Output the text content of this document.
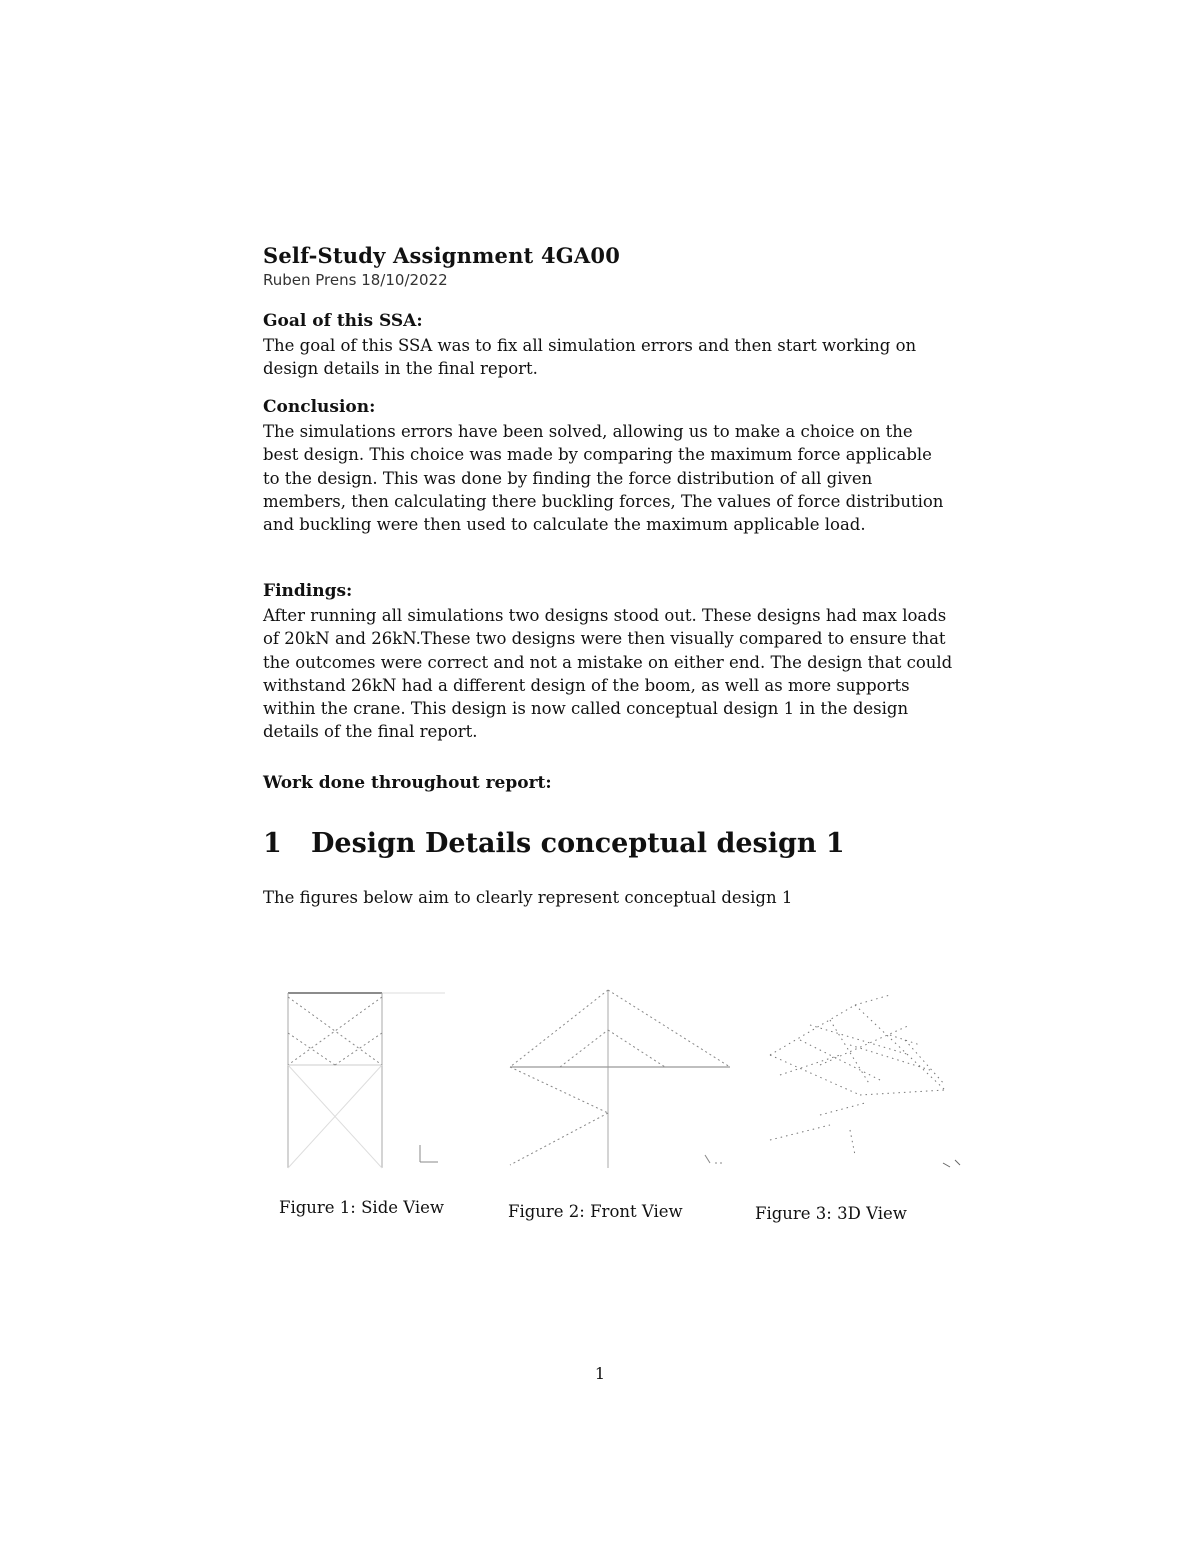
Self-Study Assignment 4GA00
Ruben Prens 18/10/2022
Goal of this SSA:
The goal of this SSA was to fix all simulation errors and then start working on design details in the final report.
Conclusion:
The simulations errors have been solved, allowing us to make a choice on the best design. This choice was made by comparing the maximum force applicable to the design. This was done by finding the force distribution of all given members, then calculating there buckling forces, The values of force distribution and buckling were then used to calculate the maximum applicable load.
Findings:
After running all simulations two designs stood out. These designs had max loads of 20kN and 26kN.These two designs were then visually compared to ensure that the outcomes were correct and not a mistake on either end. The design that could withstand 26kN had a different design of the boom, as well as more supports within the crane. This design is now called conceptual design 1 in the design details of the final report.
Work done throughout report:
1 Design Details conceptual design 1
The figures below aim to clearly represent conceptual design 1
Figure 1: Side View	Figure 2: Front View	Figure 3: 3D View
1
